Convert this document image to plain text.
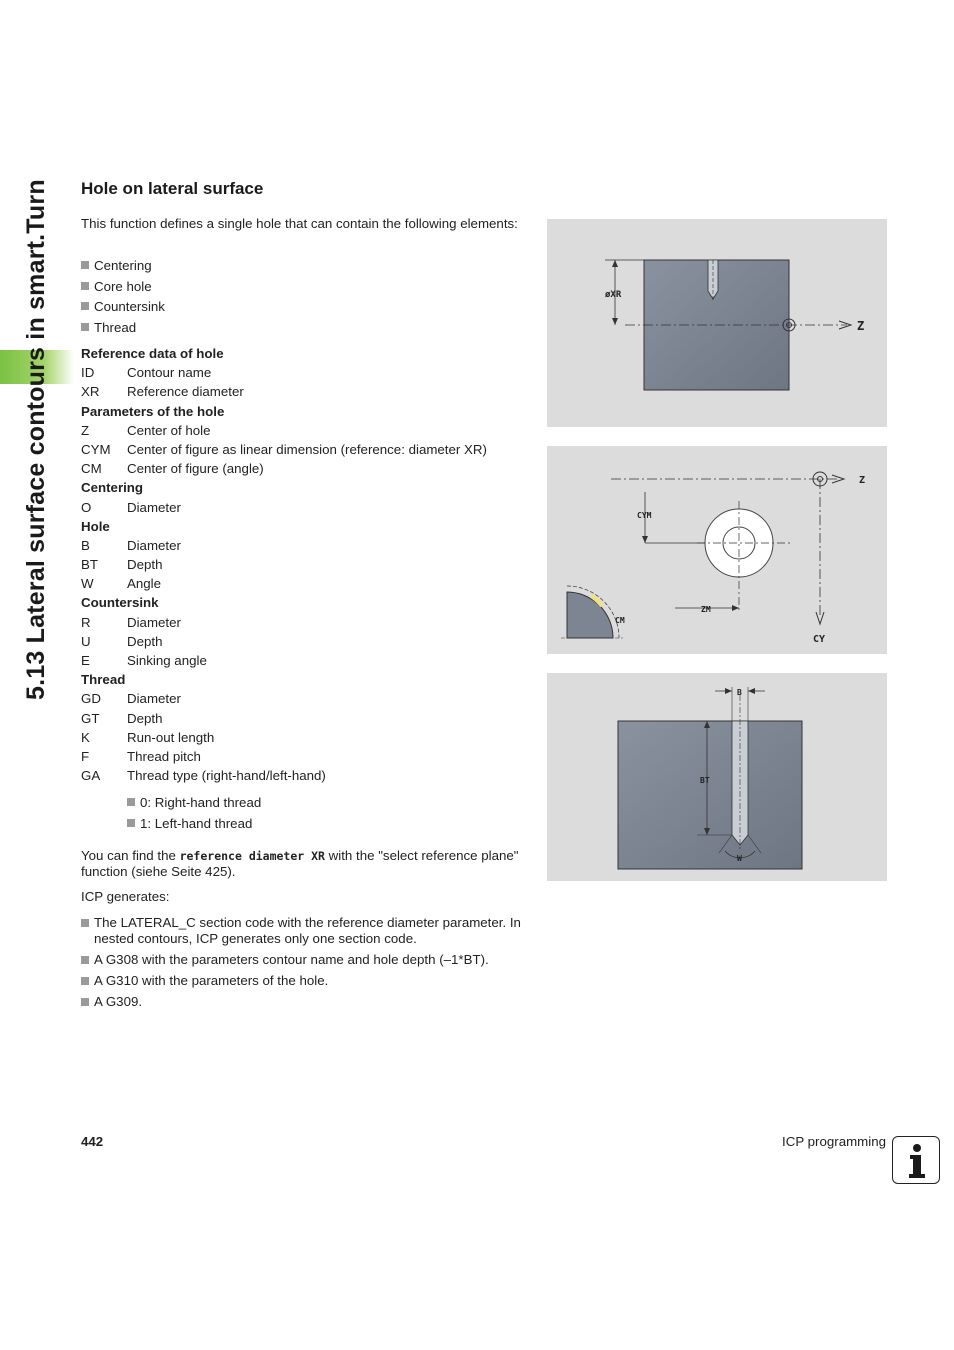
5.13 Lateral surface contours in smart.Turn Hole on lateral surface
This function defines a single hole that can contain the following elements:
Centering
Core hole
Countersink
Thread
Reference data of hole
ID Contour name
XR Reference diameter
Parameters of the hole
Z	Center of hole
CYM Center of figure as linear dimension (reference: diameter XR)
CM Center of figure (angle)
Centering
O	Diameter
Hole
B	Diameter
BT Depth
W	Angle
Countersink
R	Diameter
U	Depth
E	Sinking angle
Thread
GD Diameter
GT Depth
K	Run-out length
F	Thread pitch
GA Thread type (right-hand/left-hand)
0: Right-hand thread
1: Left-hand thread
You can find the reference diameter XR with the "select reference plane" function (siehe Seite 425).
ICP generates:
The LATERAL_C section code with the reference diameter parameter. In nested contours, ICP generates only one section code.
A G308 with the parameters contour name and hole depth (–1*BT).
A G310 with the parameters of the hole.
A G309.
øXR
Z
Z
CYM
ZM
CM
CY
B
BT
W
442	ICP programming
